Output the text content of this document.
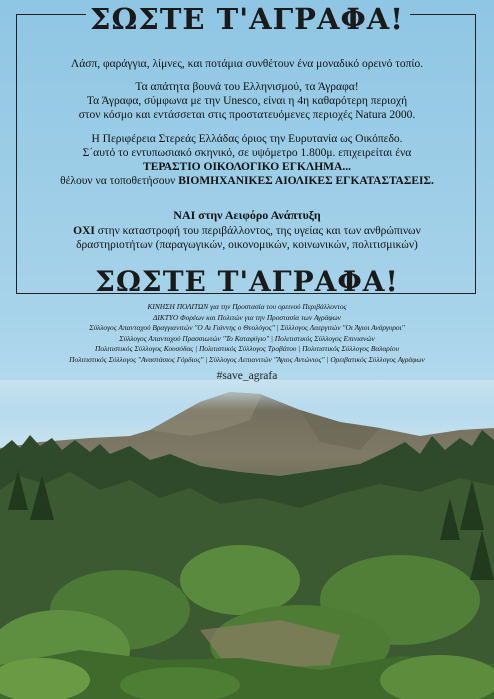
ΣΩΣΤΕ Τ'ΑΓΡΑΦΑ!
Λάσπ, φαράγγια, λίμνες, και ποτάμια συνθέτουν ένα μοναδικό ορεινό τοπίο.
Τα απάτητα βουνά του Ελληνισμού, τα Άγραφα!
Τα Άγραφα, σύμφωνα με την Unesco, είναι η 4η καθαρότερη περιοχή
στον κόσμο και εντάσσεται στις προστατευόμενες περιοχές Natura 2000.
Η Περιφέρεια Στερεάς Ελλάδας όριος την Ευρυτανία ως Οικόπεδο.
Σ΄αυτό το εντυπωσιακό σκηνικό, σε υψόμετρο 1.800μ. επιχειρείται ένα
ΤΕΡΑΣΤΙΟ ΟΙΚΟΛΟΓΙΚΟ ΕΓΚΛΗΜΑ...
θέλουν να τοποθετήσουν ΒΙΟΜΗΧΑΝΙΚΕΣ ΑΙΟΛΙΚΕΣ ΕΓΚΑΤΑΣΤΑΣΕΙΣ.
ΝΑΙ στην Αειφόρο Ανάπτυξη
ΟΧΙ στην καταστροφή του περιβάλλοντος, της υγείας και των ανθρώπινων
δραστηριοτήτων (παραγωγικών, οικονομικών, κοινωνικών, πολιτισμικών)
ΣΩΣΤΕ Τ'ΑΓΡΑΦΑ!
ΚΙΝΗΣΗ ΠΟΛΙΤΩΝ για την Προστασία του ορεινού Περιβάλλοντος
ΔΙΚΤΥΟ Φορέων και Πολιτών για την Προστασία των Αγράφων
Σύλλογος Απανταχού Βραγγιανιτών "Ο Αι Γιάννης ο Θεολόγος" | Σύλλογος Λαεργιτών "Οι Άγιοι Ανάργυροι"
Σύλλογος Απανταχού Πρασσιωτών "Το Καταφύγιο" | Πολιτιστικός Σύλλογος Επινιανών
Πολιτιστικός Σύλλογος Κουσόδας | Πολιτιστικός Σύλλογος Τροβάτου | Πολιτιστικός Σύλλογος Βαλαρίου
Πολιτιστικός Σύλλογος "Αναστάσιος Γόρδιος" | Σύλλογος Λεπιανιτών "Άγιος Αντώνιος" | Ορειβατικός Σύλλογος Αγράφων
#save_agrafa
